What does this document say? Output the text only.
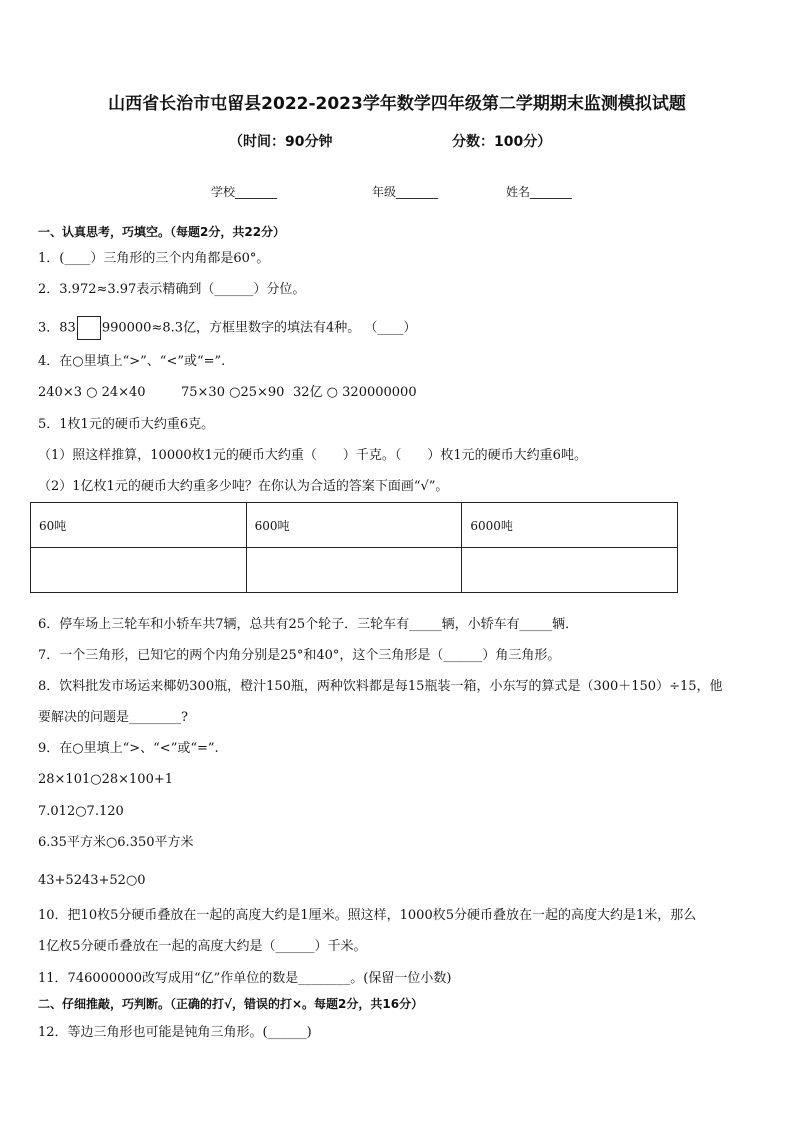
山西省长治市屯留县2022-2023学年数学四年级第二学期期末监测模拟试题
（时间：90分钟	分数：100分）
学校_______	年级_______	姓名_______
一、认真思考，巧填空。（每题2分，共22分）
1．(____）三角形的三个内角都是60°。
2．3.972≈3.97表示精确到（______）分位。
3．83 990000≈8.3亿，方框里数字的填法有4种。 （____）
4．在○里填上“>”、“<”或“=”.
240×3 ○ 24×40	75×30 ○25×90 32亿 ○ 320000000
5．1枚1元的硬币大约重6克。
（1）照这样推算，10000枚1元的硬币大约重（　　）千克。（　　）枚1元的硬币大约重6吨。
（2）1亿枚1元的硬币大约重多少吨？在你认为合适的答案下面画“√”。
60吨	600吨	6000吨

6．停车场上三轮车和小轿车共7辆，总共有25个轮子．三轮车有_____辆，小轿车有_____辆．
7．一个三角形，已知它的两个内角分别是25°和40°，这个三角形是（______）角三角形。
8．饮料批发市场运来椰奶300瓶，橙汁150瓶，两种饮料都是每15瓶装一箱，小东写的算式是（300＋150）÷15，他
要解决的问题是________?
9．在○里填上“>、“<”或“=”.
28×101○28×100+1
7.012○7.120
6.35平方米○6.350平方米
43+5243+52○0
10．把10枚5分硬币叠放在一起的高度大约是1厘米。照这样，1000枚5分硬币叠放在一起的高度大约是1米，那么
1亿枚5分硬币叠放在一起的高度大约是（______）千米。
11．746000000改写成用“亿”作单位的数是________。(保留一位小数)
二、仔细推敲，巧判断。（正确的打√，错误的打×。每题2分，共16分）
12．等边三角形也可能是钝角三角形。(______)
